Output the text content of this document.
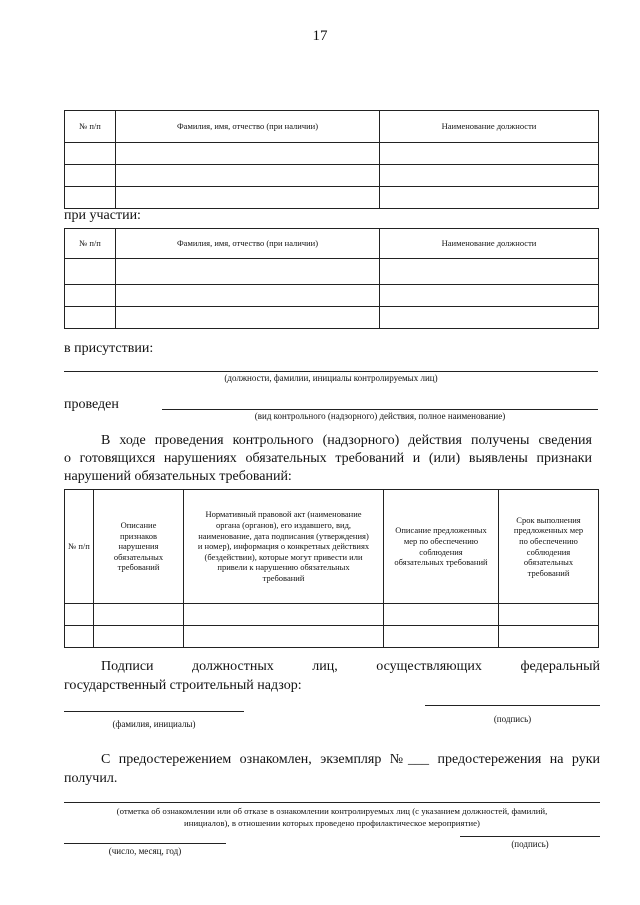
17
№ п/п	Фамилия, имя, отчество (при наличии)	Наименование должности

при участии:
№ п/п	Фамилия, имя, отчество (при наличии)	Наименование должности

в присутствии:
(должности, фамилии, инициалы контролируемых лиц)
проведен
(вид контрольного (надзорного) действия, полное наименование)
В ходе проведения контрольного (надзорного) действия получены сведения
о готовящихся нарушениях обязательных требований и (или) выявлены признаки
нарушений обязательных требований:
№ п/п	Описание признаков нарушения обязательных требований	Нормативный правовой акт (наименование органа (органов), его издавшего, вид, наименование, дата подписания (утверждения) и номер), информация о конкретных действиях (бездействии), которые могут привести или привели к нарушению обязательных требований	Описание предложенных мер по обеспечению соблюдения обязательных требований	Срок выполнения предложенных мер по обеспечению соблюдения обязательных требований

Подписи должностных лиц, осуществляющих федеральный
государственный строительный надзор:
(фамилия, инициалы)	(подпись)
С предостережением ознакомлен, экземпляр №___ предостережения на руки
получил.
(отметка об ознакомлении или об отказе в ознакомлении контролируемых лиц (с указанием должностей, фамилий,
инициалов), в отношении которых проведено профилактическое мероприятие)
(число, месяц, год)
(подпись)
